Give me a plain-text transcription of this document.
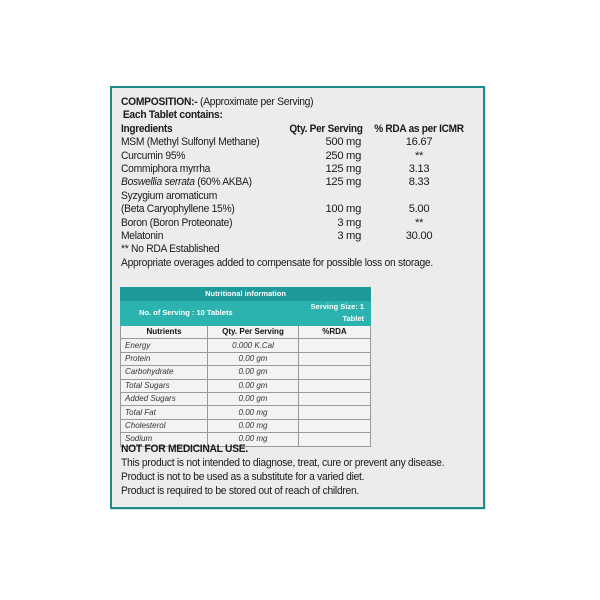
COMPOSITION:- (Approximate per Serving)
Each Tablet contains:
Ingredients	Qty. Per Serving	% RDA as per ICMR
MSM (Methyl Sulfonyl Methane)	500 mg	16.67
Curcumin 95%	250 mg	**
Commiphora myrrha	125 mg	3.13
Boswellia serrata (60% AKBA)	125 mg	8.33
Syzygium aromaticum
(Beta Caryophyllene 15%)	100 mg	5.00
Boron (Boron Proteonate)	3 mg	**
Melatonin	3 mg	30.00
** No RDA Established
Appropriate overages added to compensate for possible loss on storage.
Nutritional information		
No. of Serving : 10 Tablets		Serving Size: 1 Tablet
Nutrients	Qty. Per Serving	%RDA
Energy	0.000 K.Cal	
Protein	0.00 gm	
Carbohydrate	0.00 gm	
Total Sugars	0.00 gm	
Added Sugars	0.00 gm	
Total Fat	0.00 mg	
Cholesterol	0.00 mg	
Sodium	0.00 mg	
NOT FOR MEDICINAL USE.
This product is not intended to diagnose, treat, cure or prevent any disease.
Product is not to be used as a substitute for a varied diet.
Product is required to be stored out of reach of children.
